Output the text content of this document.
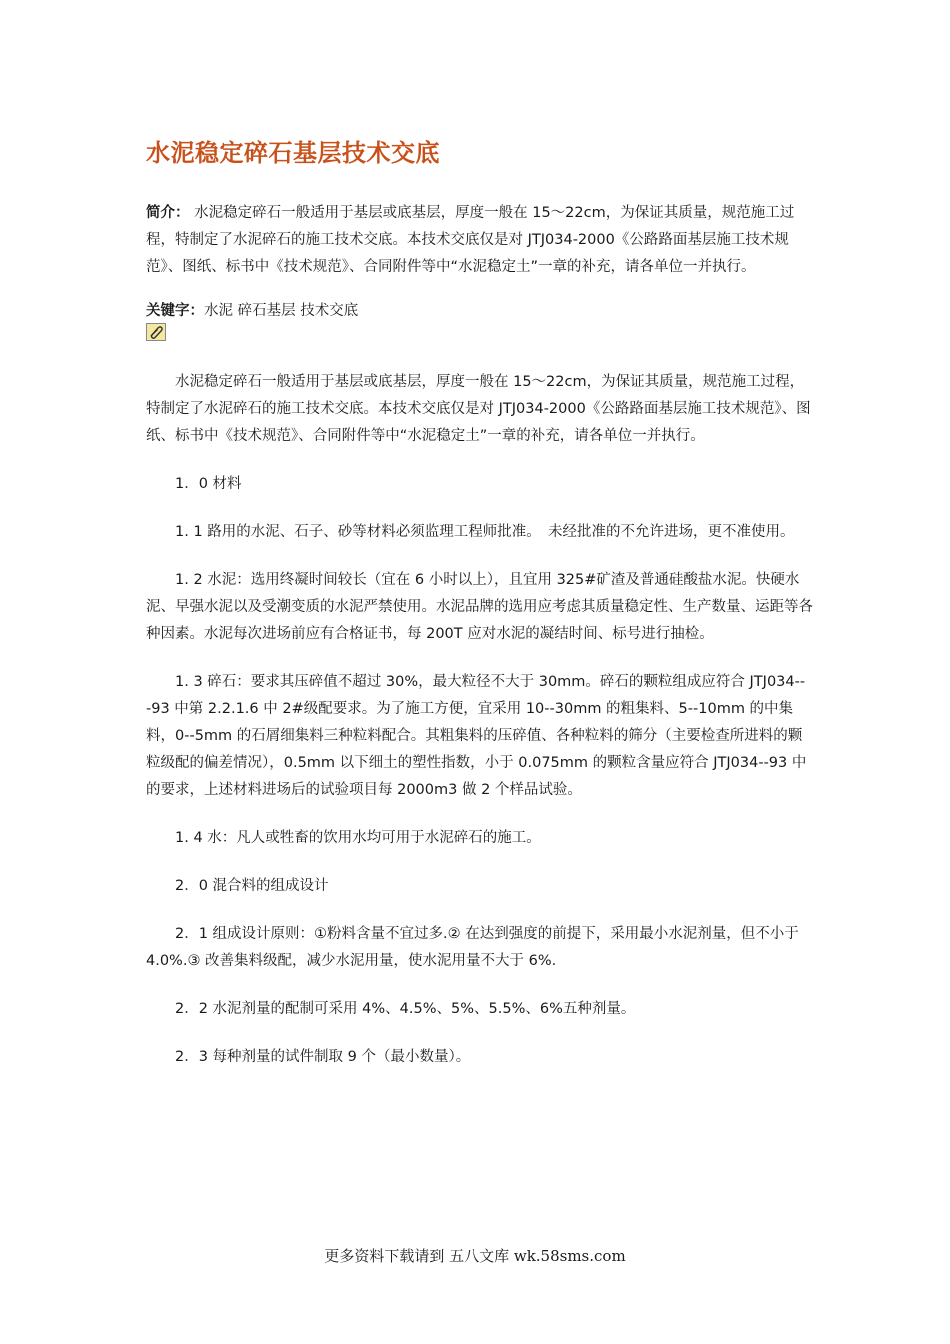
水泥稳定碎石基层技术交底

简介： 水泥稳定碎石一般适用于基层或底基层，厚度一般在 15～22cm，为保证其质量，规范施工过程，特制定了水泥碎石的施工技术交底。本技术交底仅是对 JTJ034-2000《公路路面基层施工技术规范》、图纸、标书中《技术规范》、合同附件等中“水泥稳定土”一章的补充，请各单位一并执行。

关键字：水泥 碎石基层 技术交底

水泥稳定碎石一般适用于基层或底基层，厚度一般在 15～22cm，为保证其质量，规范施工过程，特制定了水泥碎石的施工技术交底。本技术交底仅是对 JTJ034-2000《公路路面基层施工技术规范》、图纸、标书中《技术规范》、合同附件等中“水泥稳定土”一章的补充，请各单位一并执行。

1．0 材料

1. 1 路用的水泥、石子、砂等材料必须监理工程师批准。　未经批准的不允许进场，更不准使用。

1. 2 水泥：选用终凝时间较长（宜在 6 小时以上），且宜用 325#矿渣及普通硅酸盐水泥。快硬水泥、早强水泥以及受潮变质的水泥严禁使用。水泥品牌的选用应考虑其质量稳定性、生产数量、运距等各种因素。水泥每次进场前应有合格证书，每 200T 应对水泥的凝结时间、标号进行抽检。

1. 3 碎石：要求其压碎值不超过 30%，最大粒径不大于 30mm。碎石的颗粒组成应符合 JTJ034---93 中第 2.2.1.6 中 2#级配要求。为了施工方便，宜采用 10--30mm 的粗集料、5--10mm 的中集料，0--5mm 的石屑细集料三种粒料配合。其粗集料的压碎值、各种粒料的筛分（主要检查所进料的颗粒级配的偏差情况），0.5mm 以下细土的塑性指数，小于 0.075mm 的颗粒含量应符合 JTJ034--93 中的要求，上述材料进场后的试验项目每 2000m3 做 2 个样品试验。

1. 4 水：凡人或牲畜的饮用水均可用于水泥碎石的施工。

2．0 混合料的组成设计

2．1 组成设计原则：①粉料含量不宜过多.② 在达到强度的前提下，采用最小水泥剂量，但不小于 4.0%.③ 改善集料级配，减少水泥用量，使水泥用量不大于 6%.

2．2 水泥剂量的配制可采用 4%、4.5%、5%、5.5%、6%五种剂量。

2．3 每种剂量的试件制取 9 个（最小数量）。

更多资料下载请到 五八文库 wk.58sms.com
